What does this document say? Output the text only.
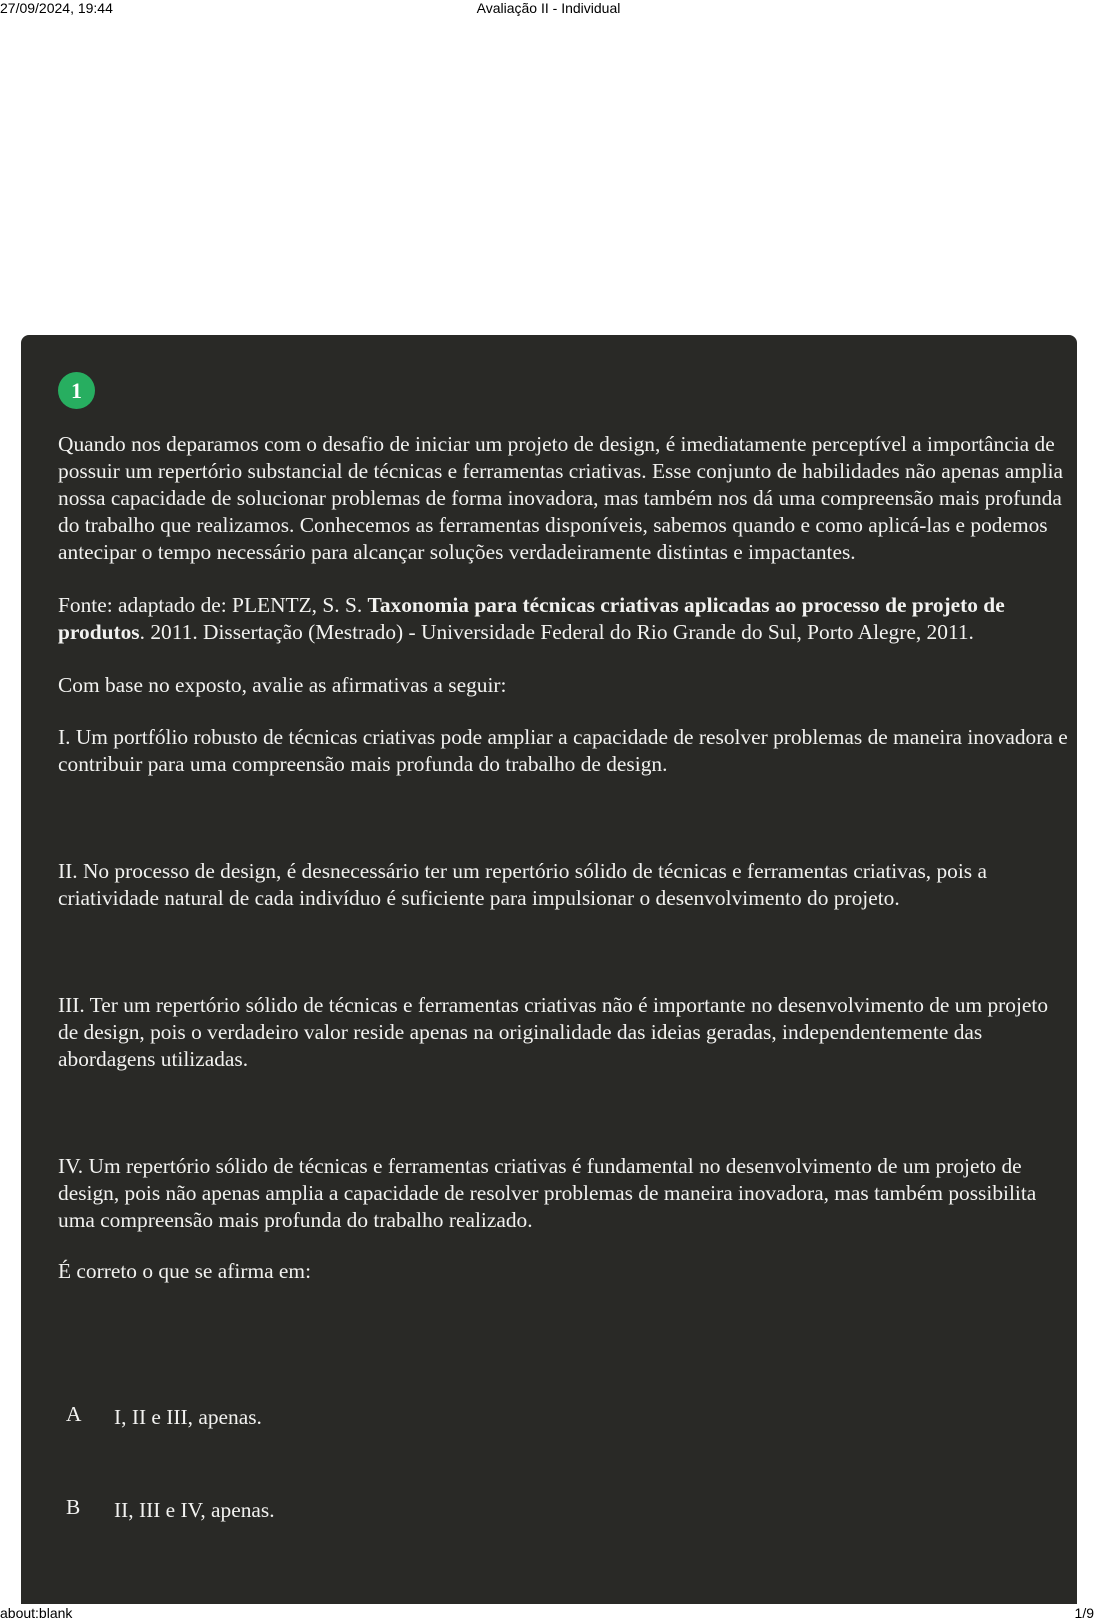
27/09/2024, 19:44	Avaliação II - Individual
1

Quando nos deparamos com o desafio de iniciar um projeto de design, é imediatamente perceptível a importância de possuir um repertório substancial de técnicas e ferramentas criativas. Esse conjunto de habilidades não apenas amplia nossa capacidade de solucionar problemas de forma inovadora, mas também nos dá uma compreensão mais profunda do trabalho que realizamos. Conhecemos as ferramentas disponíveis, sabemos quando e como aplicá-las e podemos antecipar o tempo necessário para alcançar soluções verdadeiramente distintas e impactantes.

Fonte: adaptado de: PLENTZ, S. S. Taxonomia para técnicas criativas aplicadas ao processo de projeto de produtos. 2011. Dissertação (Mestrado) - Universidade Federal do Rio Grande do Sul, Porto Alegre, 2011.

Com base no exposto, avalie as afirmativas a seguir:

I. Um portfólio robusto de técnicas criativas pode ampliar a capacidade de resolver problemas de maneira inovadora e contribuir para uma compreensão mais profunda do trabalho de design.

II. No processo de design, é desnecessário ter um repertório sólido de técnicas e ferramentas criativas, pois a criatividade natural de cada indivíduo é suficiente para impulsionar o desenvolvimento do projeto.

III. Ter um repertório sólido de técnicas e ferramentas criativas não é importante no desenvolvimento de um projeto de design, pois o verdadeiro valor reside apenas na originalidade das ideias geradas, independentemente das abordagens utilizadas.

IV. Um repertório sólido de técnicas e ferramentas criativas é fundamental no desenvolvimento de um projeto de design, pois não apenas amplia a capacidade de resolver problemas de maneira inovadora, mas também possibilita uma compreensão mais profunda do trabalho realizado.

É correto o que se afirma em:

A I, II e III, apenas.
B II, III e IV, apenas.
about:blank	1/9
